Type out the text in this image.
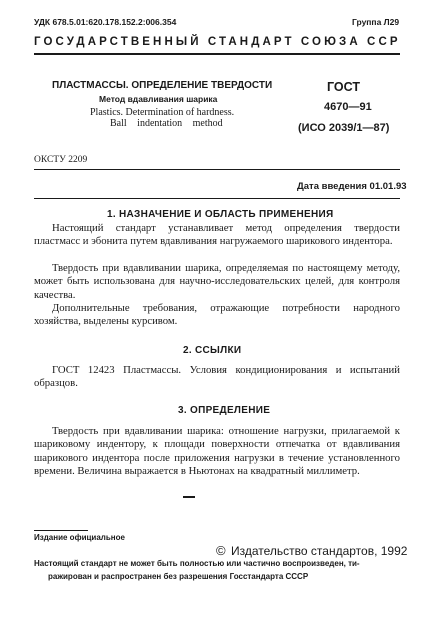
УДК 678.5.01:620.178.152.2:006.354	Группа Л29
ГОСУДАРСТВЕННЫЙ СТАНДАРТ СОЮЗА ССР
ПЛАСТМАССЫ. ОПРЕДЕЛЕНИЕ ТВЕРДОСТИ
Метод вдавливания шарика
Plastics. Determination of hardness.
Ball indentation method
ГОСТ
4670—91
(ИСО 2039/1—87)
ОКСТУ 2209
Дата введения 01.01.93
1. НАЗНАЧЕНИЕ И ОБЛАСТЬ ПРИМЕНЕНИЯ
Настоящий стандарт устанавливает метод определения твердости пластмасс и эбонита путем вдавливания нагружаемого шарикового индентора.
Твердость при вдавливании шарика, определяемая по настоящему методу, может быть использована для научно-исследовательских целей, для контроля качества.
Дополнительные требования, отражающие потребности народного хозяйства, выделены курсивом.
2. ССЫЛКИ
ГОСТ 12423 Пластмассы. Условия кондиционирования и испытаний образцов.
3. ОПРЕДЕЛЕНИЕ
Твердость при вдавливании шарика: отношение нагрузки, прилагаемой к шариковому индентору, к площади поверхности отпечатка от вдавливания шарикового индентора после приложения нагрузки в течение установленного времени. Величина выражается в Ньютонах на квадратный миллиметр.
Издание официальное
© Издательство стандартов, 1992
Настоящий стандарт не может быть полностью или частично воспроизведен, ти-
ражирован и распространен без разрешения Госстандарта СССР
